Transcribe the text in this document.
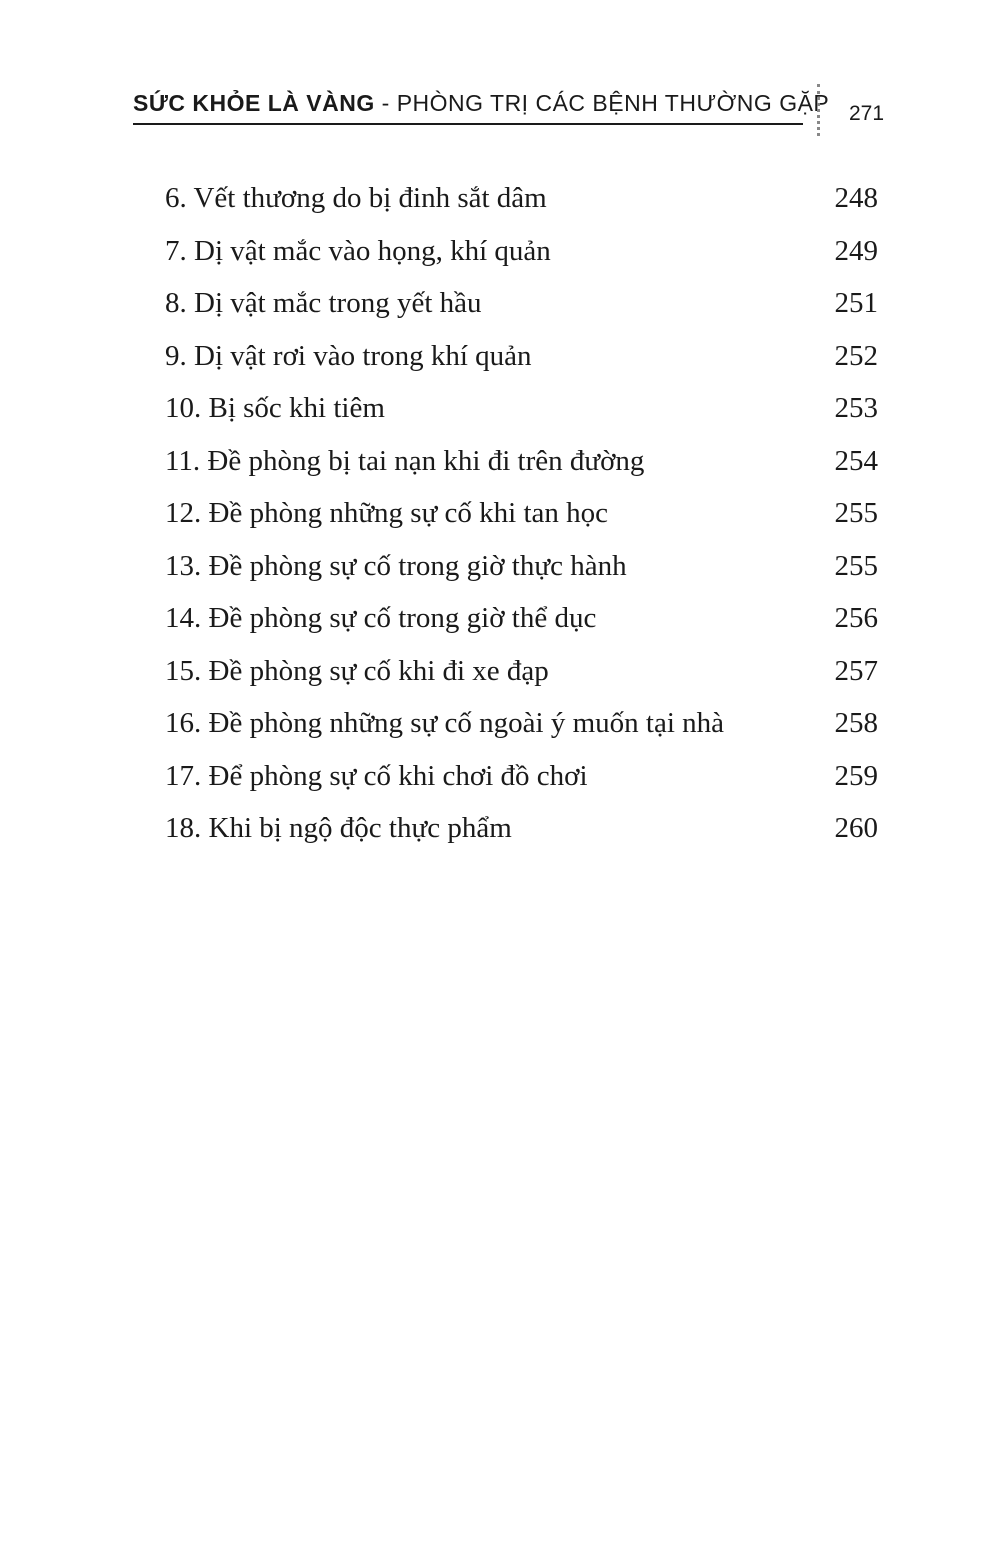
SỨC KHỎE LÀ VÀNG - PHÒNG TRỊ CÁC BỆNH THƯỜNG GẶP 271
6. Vết thương do bị đinh sắt dâm	248
7. Dị vật mắc vào họng, khí quản	249
8. Dị vật mắc trong yết hầu	251
9. Dị vật rơi vào trong khí quản	252
10. Bị sốc khi tiêm	253
11. Đề phòng bị tai nạn khi đi trên đường	254
12. Đề phòng những sự cố khi tan học	255
13. Đề phòng sự cố trong giờ thực hành	255
14. Đề phòng sự cố trong giờ thể dục	256
15. Đề phòng sự cố khi đi xe đạp	257
16. Đề phòng những sự cố ngoài ý muốn tại nhà	258
17. Để phòng sự cố khi chơi đồ chơi	259
18. Khi bị ngộ độc thực phẩm	260
